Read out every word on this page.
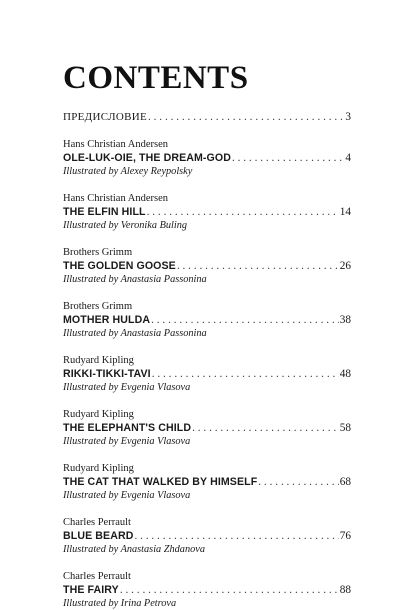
CONTENTS
ПРЕДИСЛОВИЕ . . .	3
Hans Christian Andersen
OLE-LUK-OIE, THE DREAM-GOD . . .	4
Illustrated by Alexey Reypolsky
Hans Christian Andersen
THE ELFIN HILL . . .	14
Illustrated by Veronika Buling
Brothers Grimm
THE GOLDEN GOOSE . . .	26
Illustrated by Anastasia Passonina
Brothers Grimm
MOTHER HULDA . . .	38
Illustrated by Anastasia Passonina
Rudyard Kipling
RIKKI-TIKKI-TAVI . . .	48
Illustrated by Evgenia Vlasova
Rudyard Kipling
THE ELEPHANT'S CHILD . . .	58
Illustrated by Evgenia Vlasova
Rudyard Kipling
THE CAT THAT WALKED BY HIMSELF . . .	68
Illustrated by Evgenia Vlasova
Charles Perrault
BLUE BEARD . . .	76
Illustrated by Anastasia Zhdanova
Charles Perrault
THE FAIRY . . .	88
Illustrated by Irina Petrova
